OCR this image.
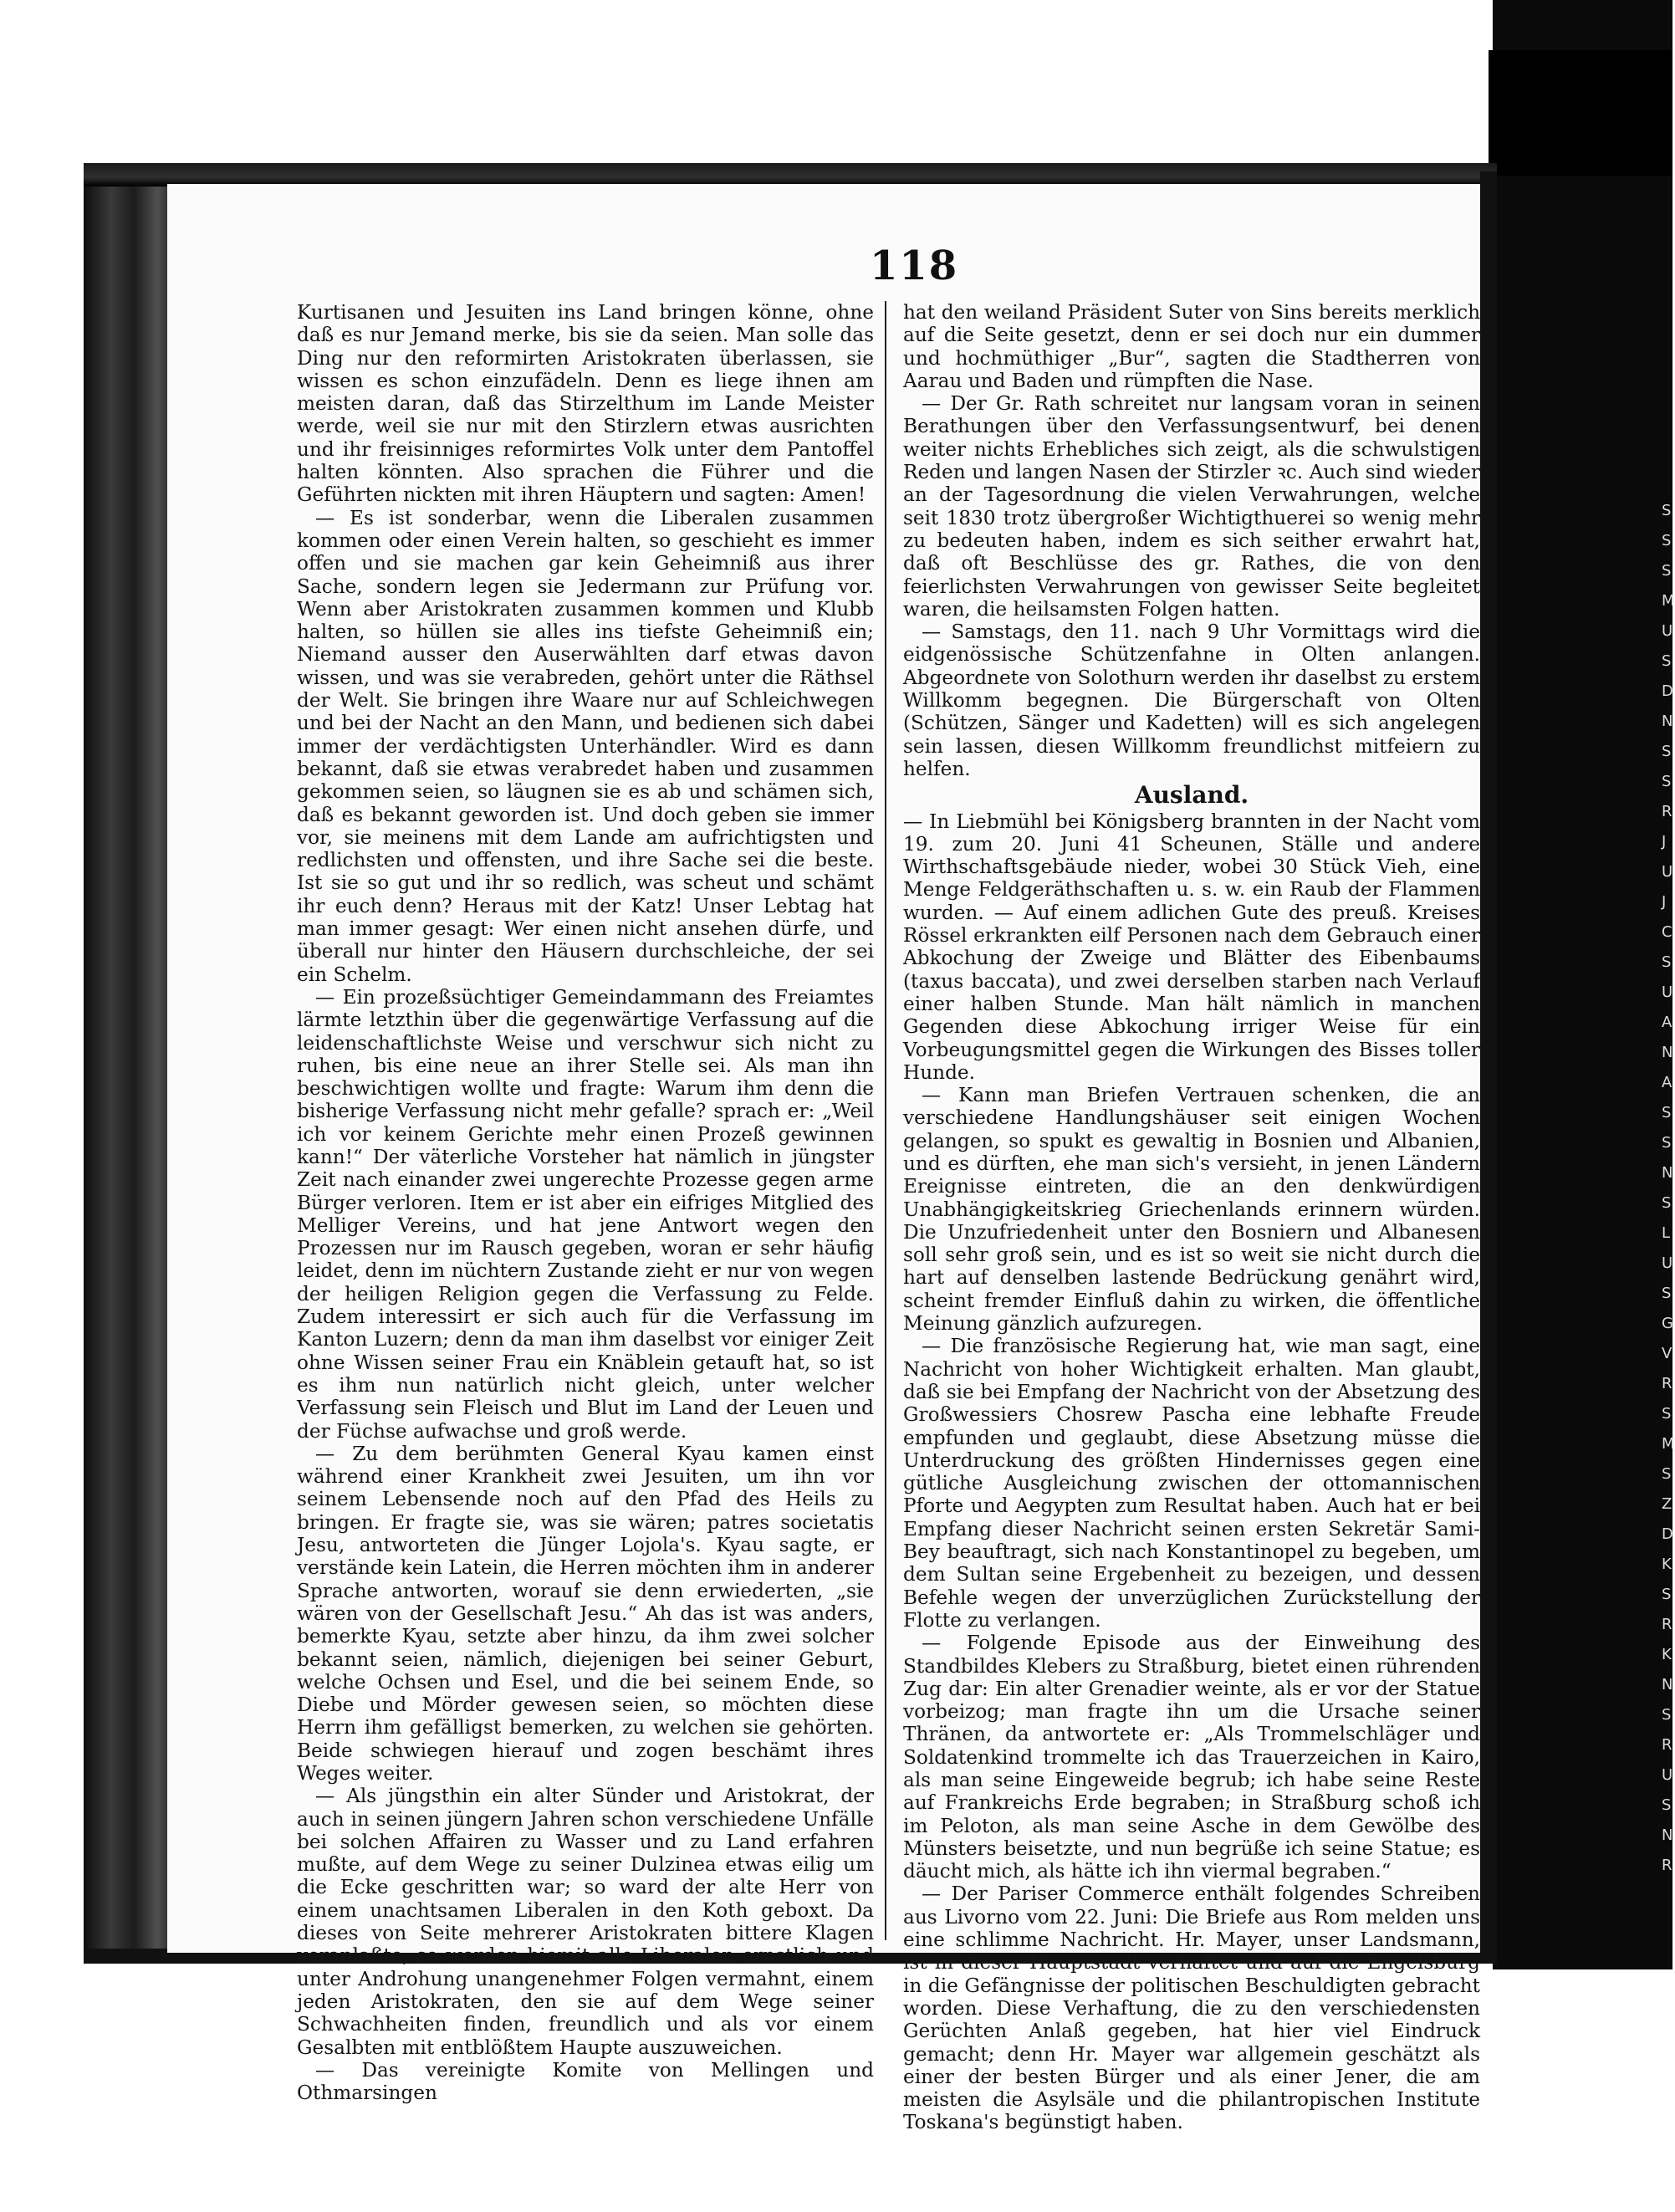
118

Kurtisanen und Jesuiten ins Land bringen könne, ohne daß es nur Jemand merke, bis sie da seien. Man solle das Ding nur den reformirten Aristokraten überlassen, sie wissen es schon einzufädeln. Denn es liege ihnen am meisten daran, daß das Stirzelthum im Lande Meister werde, weil sie nur mit den Stirzlern etwas ausrichten und ihr freisinniges reformirtes Volk unter dem Pantoffel halten könnten. Also sprachen die Führer und die Geführten nickten mit ihren Häuptern und sagten: Amen!

— Es ist sonderbar, wenn die Liberalen zusammen kommen oder einen Verein halten, so geschieht es immer offen und sie machen gar kein Geheimniß aus ihrer Sache, sondern legen sie Jedermann zur Prüfung vor. Wenn aber Aristokraten zusammen kommen und Klubb halten, so hüllen sie alles ins tiefste Geheimniß ein; Niemand ausser den Auserwählten darf etwas davon wissen, und was sie verabreden, gehört unter die Räthsel der Welt. Sie bringen ihre Waare nur auf Schleichwegen und bei der Nacht an den Mann, und bedienen sich dabei immer der verdächtigsten Unterhändler. Wird es dann bekannt, daß sie etwas verabredet haben und zusammen gekommen seien, so läugnen sie es ab und schämen sich, daß es bekannt geworden ist. Und doch geben sie immer vor, sie meinens mit dem Lande am aufrichtigsten und redlichsten und offensten, und ihre Sache sei die beste. Ist sie so gut und ihr so redlich, was scheut und schämt ihr euch denn? Heraus mit der Katz! Unser Lebtag hat man immer gesagt: Wer einen nicht ansehen dürfe, und überall nur hinter den Häusern durchschleiche, der sei ein Schelm.

— Ein prozeßsüchtiger Gemeindammann des Freiamtes lärmte letzthin über die gegenwärtige Verfassung auf die leidenschaftlichste Weise und verschwur sich nicht zu ruhen, bis eine neue an ihrer Stelle sei. Als man ihn beschwichtigen wollte und fragte: Warum ihm denn die bisherige Verfassung nicht mehr gefalle? sprach er: „Weil ich vor keinem Gerichte mehr einen Prozeß gewinnen kann!“ Der väterliche Vorsteher hat nämlich in jüngster Zeit nach einander zwei ungerechte Prozesse gegen arme Bürger verloren. Item er ist aber ein eifriges Mitglied des Melliger Vereins, und hat jene Antwort wegen den Prozessen nur im Rausch gegeben, woran er sehr häufig leidet, denn im nüchtern Zustande zieht er nur von wegen der heiligen Religion gegen die Verfassung zu Felde. Zudem interessirt er sich auch für die Verfassung im Kanton Luzern; denn da man ihm daselbst vor einiger Zeit ohne Wissen seiner Frau ein Knäblein getauft hat, so ist es ihm nun natürlich nicht gleich, unter welcher Verfassung sein Fleisch und Blut im Land der Leuen und der Füchse aufwachse und groß werde.

— Zu dem berühmten General Kyau kamen einst während einer Krankheit zwei Jesuiten, um ihn vor seinem Lebensende noch auf den Pfad des Heils zu bringen. Er fragte sie, was sie wären; patres societatis Jesu, antworteten die Jünger Lojola's. Kyau sagte, er verstände kein Latein, die Herren möchten ihm in anderer Sprache antworten, worauf sie denn erwiederten, „sie wären von der Gesellschaft Jesu.“ Ah das ist was anders, bemerkte Kyau, setzte aber hinzu, da ihm zwei solcher bekannt seien, nämlich, diejenigen bei seiner Geburt, welche Ochsen und Esel, und die bei seinem Ende, so Diebe und Mörder gewesen seien, so möchten diese Herrn ihm gefälligst bemerken, zu welchen sie gehörten. Beide schwiegen hierauf und zogen beschämt ihres Weges weiter.

— Als jüngsthin ein alter Sünder und Aristokrat, der auch in seinen jüngern Jahren schon verschiedene Unfälle bei solchen Affairen zu Wasser und zu Land erfahren mußte, auf dem Wege zu seiner Dulzinea etwas eilig um die Ecke geschritten war; so ward der alte Herr von einem unachtsamen Liberalen in den Koth geboxt. Da dieses von Seite mehrerer Aristokraten bittere Klagen veranlaßte, so werden hiemit alle Liberalen ernstlich und unter Androhung unangenehmer Folgen vermahnt, einem jeden Aristokraten, den sie auf dem Wege seiner Schwachheiten finden, freundlich und als vor einem Gesalbten mit entblößtem Haupte auszuweichen.

— Das vereinigte Komite von Mellingen und Othmarsingen

hat den weiland Präsident Suter von Sins bereits merklich auf die Seite gesetzt, denn er sei doch nur ein dummer und hochmüthiger „Bur“, sagten die Stadtherren von Aarau und Baden und rümpften die Nase.

— Der Gr. Rath schreitet nur langsam voran in seinen Berathungen über den Verfassungsentwurf, bei denen weiter nichts Erhebliches sich zeigt, als die schwulstigen Reden und langen Nasen der Stirzler ꝛc. Auch sind wieder an der Tagesordnung die vielen Verwahrungen, welche seit 1830 trotz übergroßer Wichtigthuerei so wenig mehr zu bedeuten haben, indem es sich seither erwahrt hat, daß oft Beschlüsse des gr. Rathes, die von den feierlichsten Verwahrungen von gewisser Seite begleitet waren, die heilsamsten Folgen hatten.

— Samstags, den 11. nach 9 Uhr Vormittags wird die eidgenössische Schützenfahne in Olten anlangen. Abgeordnete von Solothurn werden ihr daselbst zu erstem Willkomm begegnen. Die Bürgerschaft von Olten (Schützen, Sänger und Kadetten) will es sich angelegen sein lassen, diesen Willkomm freundlichst mitfeiern zu helfen.

Ausland.

— In Liebmühl bei Königsberg brannten in der Nacht vom 19. zum 20. Juni 41 Scheunen, Ställe und andere Wirthschaftsgebäude nieder, wobei 30 Stück Vieh, eine Menge Feldgeräthschaften u. s. w. ein Raub der Flammen wurden. — Auf einem adlichen Gute des preuß. Kreises Rössel erkrankten eilf Personen nach dem Gebrauch einer Abkochung der Zweige und Blätter des Eibenbaums (taxus baccata), und zwei derselben starben nach Verlauf einer halben Stunde. Man hält nämlich in manchen Gegenden diese Abkochung irriger Weise für ein Vorbeugungsmittel gegen die Wirkungen des Bisses toller Hunde.

— Kann man Briefen Vertrauen schenken, die an verschiedene Handlungshäuser seit einigen Wochen gelangen, so spukt es gewaltig in Bosnien und Albanien, und es dürften, ehe man sich's versieht, in jenen Ländern Ereignisse eintreten, die an den denkwürdigen Unabhängigkeitskrieg Griechenlands erinnern würden. Die Unzufriedenheit unter den Bosniern und Albanesen soll sehr groß sein, und es ist so weit sie nicht durch die hart auf denselben lastende Bedrückung genährt wird, scheint fremder Einfluß dahin zu wirken, die öffentliche Meinung gänzlich aufzuregen.

— Die französische Regierung hat, wie man sagt, eine Nachricht von hoher Wichtigkeit erhalten. Man glaubt, daß sie bei Empfang der Nachricht von der Absetzung des Großwessiers Chosrew Pascha eine lebhafte Freude empfunden und geglaubt, diese Absetzung müsse die Unterdruckung des größten Hindernisses gegen eine gütliche Ausgleichung zwischen der ottomannischen Pforte und Aegypten zum Resultat haben. Auch hat er bei Empfang dieser Nachricht seinen ersten Sekretär Sami-Bey beauftragt, sich nach Konstantinopel zu begeben, um dem Sultan seine Ergebenheit zu bezeigen, und dessen Befehle wegen der unverzüglichen Zurückstellung der Flotte zu verlangen.

— Folgende Episode aus der Einweihung des Standbildes Klebers zu Straßburg, bietet einen rührenden Zug dar: Ein alter Grenadier weinte, als er vor der Statue vorbeizog; man fragte ihn um die Ursache seiner Thränen, da antwortete er: „Als Trommelschläger und Soldatenkind trommelte ich das Trauerzeichen in Kairo, als man seine Eingeweide begrub; ich habe seine Reste auf Frankreichs Erde begraben; in Straßburg schoß ich im Peloton, als man seine Asche in dem Gewölbe des Münsters beisetzte, und nun begrüße ich seine Statue; es däucht mich, als hätte ich ihn viermal begraben.“

— Der Pariser Commerce enthält folgendes Schreiben aus Livorno vom 22. Juni: Die Briefe aus Rom melden uns eine schlimme Nachricht. Hr. Mayer, unser Landsmann, ist in dieser Hauptstadt verhaftet und auf die Engelsburg in die Gefängnisse der politischen Beschuldigten gebracht worden. Diese Verhaftung, die zu den verschiedensten Gerüchten Anlaß gegeben, hat hier viel Eindruck gemacht; denn Hr. Mayer war allgemein geschätzt als einer der besten Bürger und als einer Jener, die am meisten die Asylsäle und die philantropischen Institute Toskana's begünstigt haben.

S
S
S
M
U
S
D
N
S
S
R
J
U
J
C
S
U
A
N
A
S
S
N
S
L
U
S
G
V
R
S
M
S
Z
D
K
S
R
K
N
S
R
U
S
N
R
